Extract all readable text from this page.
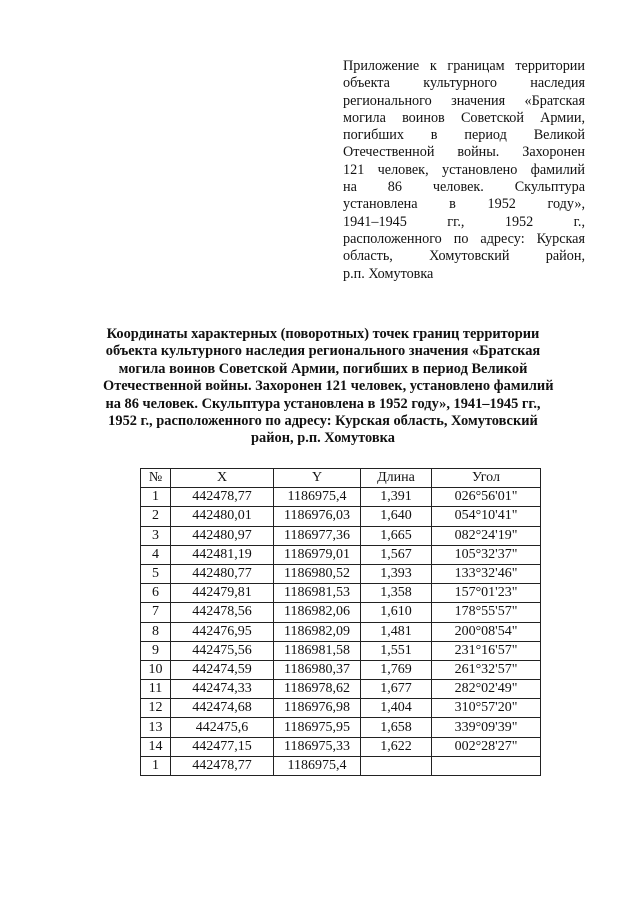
Приложение к границам территории
объекта культурного наследия
регионального значения «Братская
могила воинов Советской Армии,
погибших в период Великой
Отечественной войны. Захоронен
121 человек, установлено фамилий
на 86 человек. Скульптура
установлена в 1952 году»,
1941–1945 гг., 1952 г.,
расположенного по адресу: Курская
область, Хомутовский район,
р.п. Хомутовка
Координаты характерных (поворотных) точек границ территории
объекта культурного наследия регионального значения «Братская
могила воинов Советской Армии, погибших в период Великой
Отечественной войны. Захоронен 121 человек, установлено фамилий
на 86 человек. Скульптура установлена в 1952 году», 1941–1945 гг.,
1952 г., расположенного по адресу: Курская область, Хомутовский
район, р.п. Хомутовка
№	X	Y	Длина	Угол
1	442478,77	1186975,4	1,391	026°56'01"
2	442480,01	1186976,03	1,640	054°10'41"
3	442480,97	1186977,36	1,665	082°24'19"
4	442481,19	1186979,01	1,567	105°32'37"
5	442480,77	1186980,52	1,393	133°32'46"
6	442479,81	1186981,53	1,358	157°01'23"
7	442478,56	1186982,06	1,610	178°55'57"
8	442476,95	1186982,09	1,481	200°08'54"
9	442475,56	1186981,58	1,551	231°16'57"
10	442474,59	1186980,37	1,769	261°32'57"
11	442474,33	1186978,62	1,677	282°02'49"
12	442474,68	1186976,98	1,404	310°57'20"
13	442475,6	1186975,95	1,658	339°09'39"
14	442477,15	1186975,33	1,622	002°28'27"
1	442478,77	1186975,4		
